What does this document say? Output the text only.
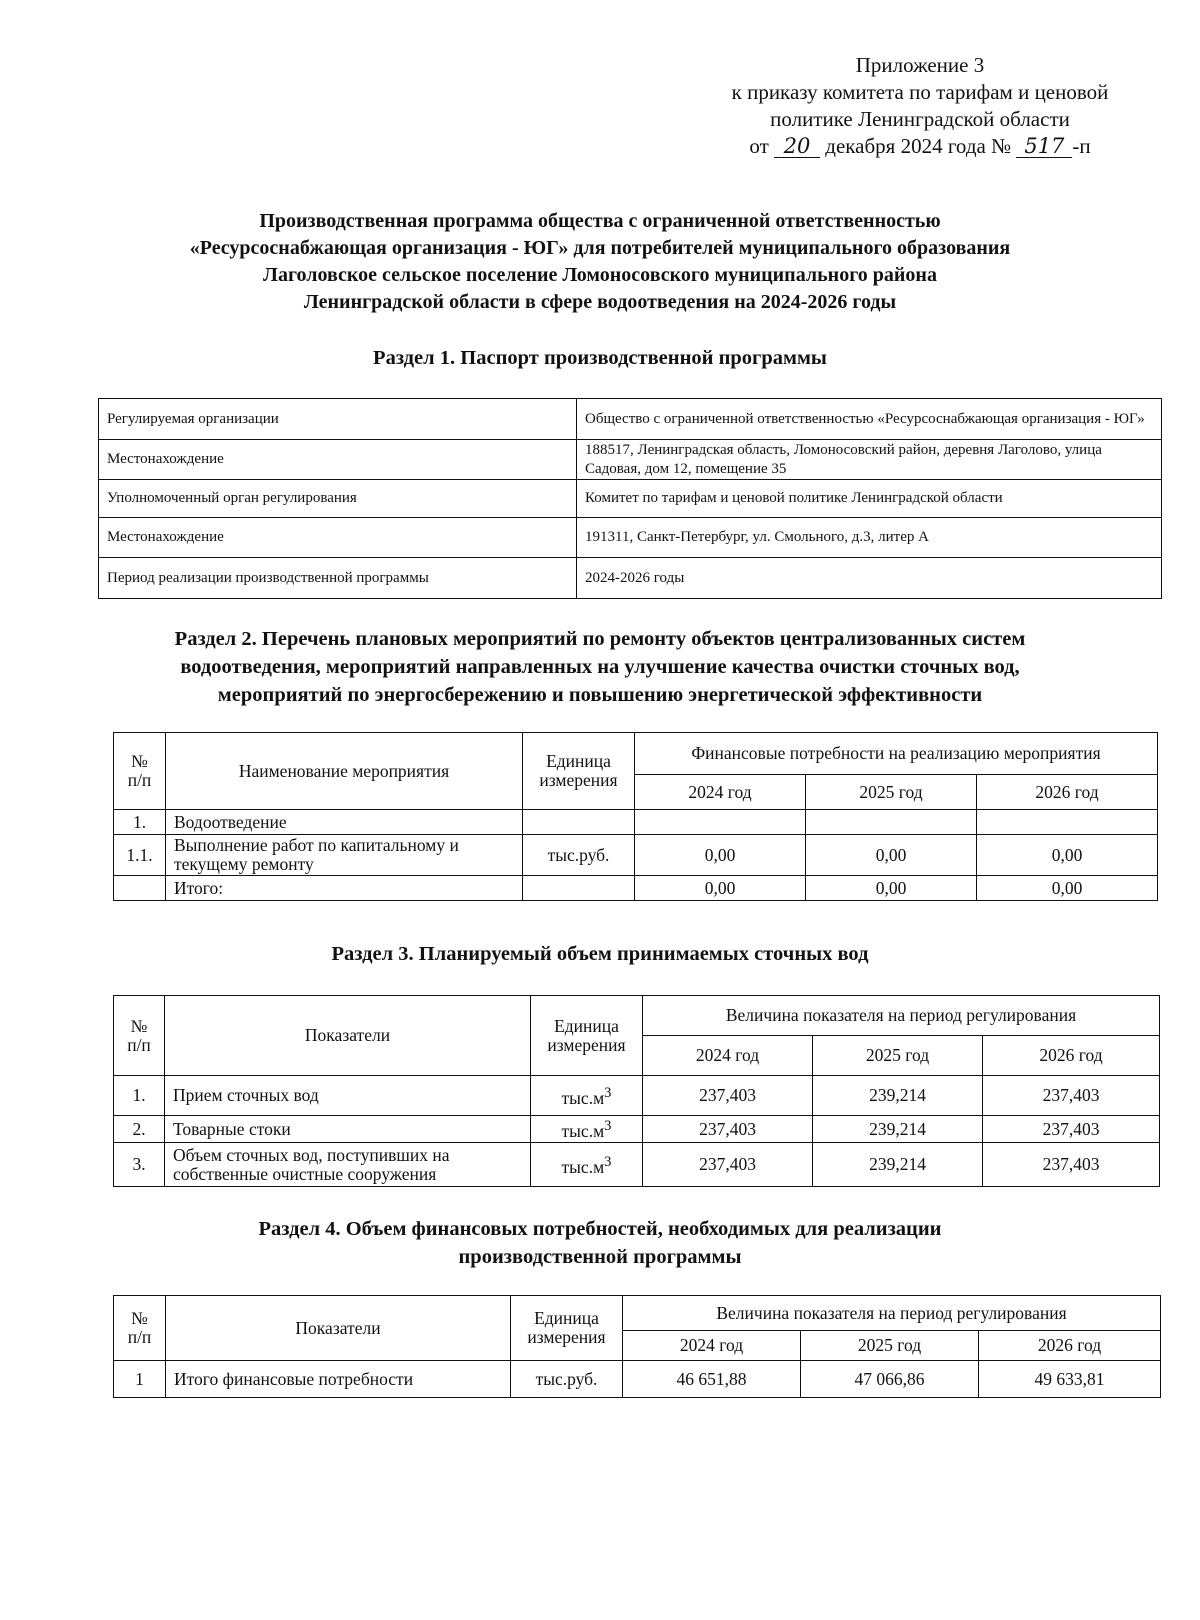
Приложение 3
к приказу комитета по тарифам и ценовой
политике Ленинградской области
от 20 декабря 2024 года № 517 -п
Производственная программа общества с ограниченной ответственностью
«Ресурсоснабжающая организация - ЮГ» для потребителей муниципального образования
Лаголовское сельское поселение Ломоносовского муниципального района
Ленинградской области в сфере водоотведения на 2024-2026 годы
Раздел 1. Паспорт производственной программы
Регулируемая организации	Общество с ограниченной ответственностью «Ресурсоснабжающая организация - ЮГ»
Местонахождение	188517, Ленинградская область, Ломоносовский район, деревня Лаголово, улица Садовая, дом 12, помещение 35
Уполномоченный орган регулирования	Комитет по тарифам и ценовой политике Ленинградской области
Местонахождение	191311, Санкт-Петербург, ул. Смольного, д.3, литер А
Период реализации производственной программы	2024-2026 годы
Раздел 2. Перечень плановых мероприятий по ремонту объектов централизованных систем
водоотведения, мероприятий направленных на улучшение качества очистки сточных вод,
мероприятий по энергосбережению и повышению энергетической эффективности
№ п/п	Наименование мероприятия	Единица измерения	Финансовые потребности на реализацию мероприятия		
			2024 год	2025 год	2026 год
1.	Водоотведение				
1.1.	Выполнение работ по капитальному и текущему ремонту	тыс.руб.	0,00	0,00	0,00
	Итого:		0,00	0,00	0,00
Раздел 3. Планируемый объем принимаемых сточных вод
№ п/п	Показатели	Единица измерения	Величина показателя на период регулирования		
			2024 год	2025 год	2026 год
1.	Прием сточных вод	$тыс.м^3$	237,403	239,214	237,403
2.	Товарные стоки	$тыс.м^3$	237,403	239,214	237,403
3.	Объем сточных вод, поступивших на собственные очистные сооружения	$тыс.м^3$	237,403	239,214	237,403
Раздел 4. Объем финансовых потребностей, необходимых для реализации
производственной программы
№ п/п	Показатели	Единица измерения	Величина показателя на период регулирования		
			2024 год	2025 год	2026 год
1	Итого финансовые потребности	тыс.руб.	46 651,88	47 066,86	49 633,81
